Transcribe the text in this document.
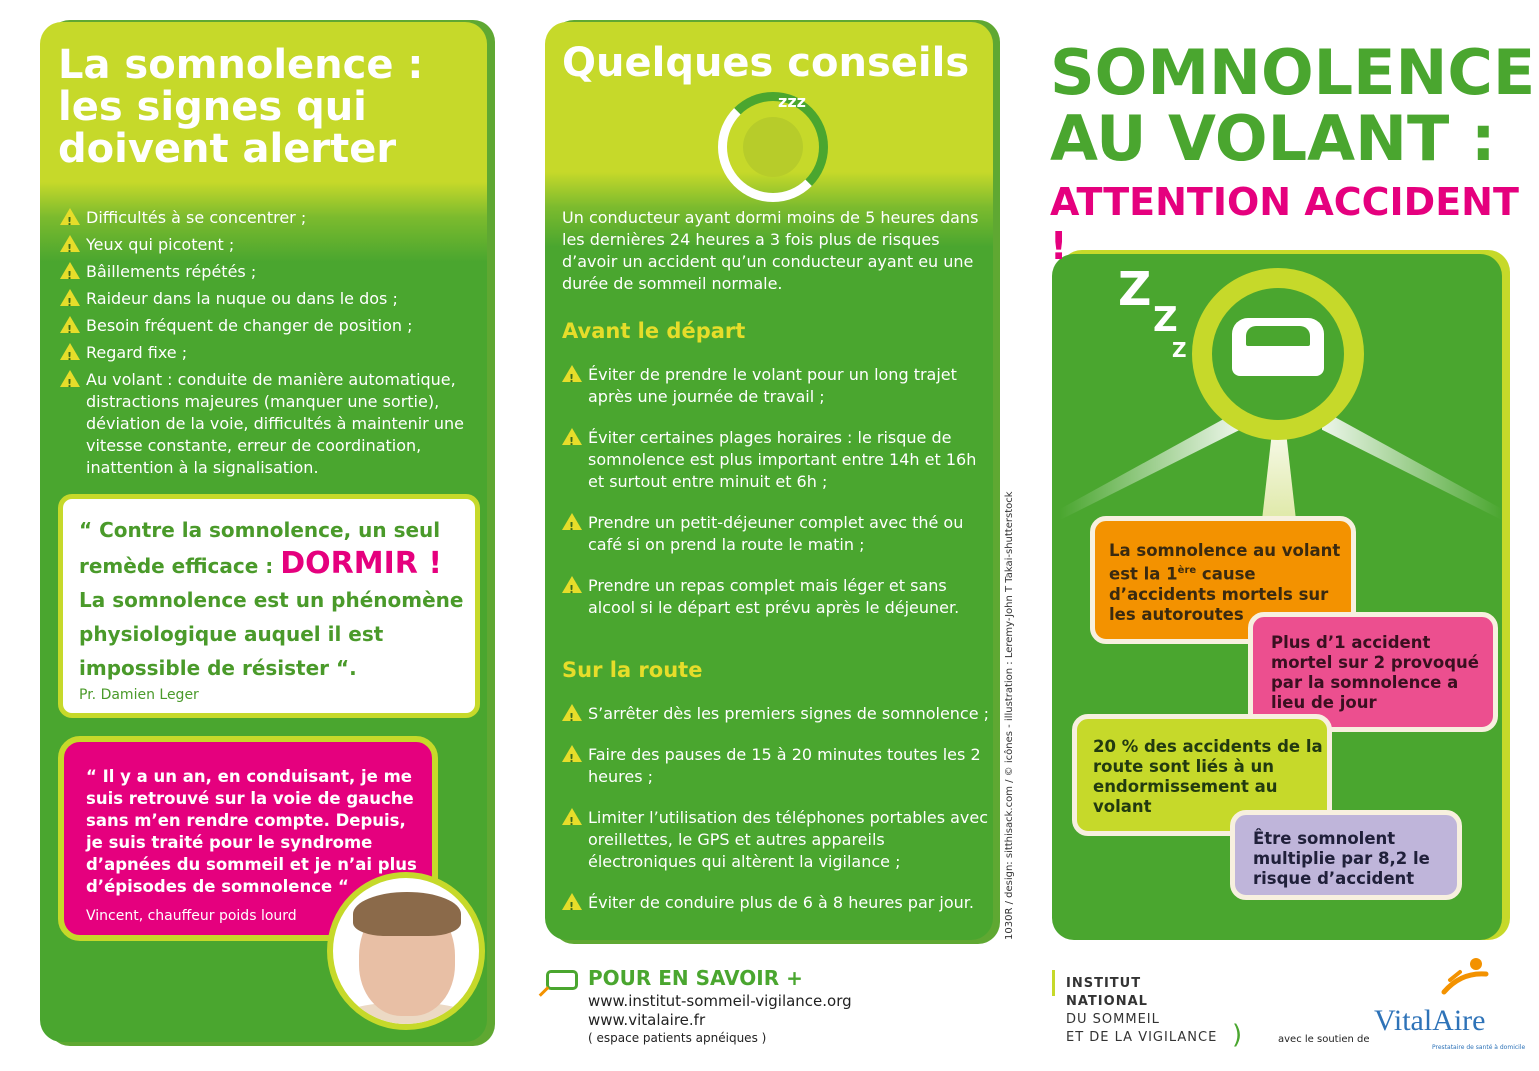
La somnolence :
les signes qui
doivent alerter
!
Difficultés à se concentrer ;
!
Yeux qui picotent ;
!
Bâillements répétés ;
!
Raideur dans la nuque ou dans le dos ;
!
Besoin fréquent de changer de position ;
!
Regard fixe ;
!
Au volant : conduite de manière automatique, distractions majeures (manquer une sortie), déviation de la voie, difficultés à maintenir une vitesse constante, erreur de coordination, inattention à la signalisation.

“ Contre la somnolence, un seul remède efficace : DORMIR ! La somnolence est un phénomène physiologique auquel il est impossible de résister “.

Pr. Damien Leger

“ Il y a un an, en conduisant, je me suis retrouvé sur la voie de gauche sans m’en rendre compte. Depuis, je suis traité pour le syndrome d’apnées du sommeil et je n’ai plus d’épisodes de somnolence “

Vincent, chauffeur poids lourd

Quelques conseils
zzz

Un conducteur ayant dormi moins de 5 heures dans les dernières 24 heures a 3 fois plus de risques d’avoir un accident qu’un conducteur ayant eu une durée de sommeil normale.

Avant le départ
!
Éviter de prendre le volant pour un long trajet après une journée de travail ;
!
Éviter certaines plages horaires : le risque de somnolence est plus important entre 14h et 16h et surtout entre minuit et 6h ;
!
Prendre un petit-déjeuner complet avec thé ou café si on prend la route le matin ;
!
Prendre un repas complet mais léger et sans alcool si le départ est prévu après le déjeuner.
Sur la route
!
S’arrêter dès les premiers signes de somnolence ;
!
Faire des pauses de 15 à 20 minutes toutes les 2 heures ;
!
Limiter l’utilisation des téléphones portables avec oreillettes, le GPS et autres appareils électroniques qui altèrent la vigilance ;
!
Éviter de conduire plus de 6 à 8 heures par jour.	1030R / design: sitthisack.com / © icônes - illustration : Leremy-John T Takai-shutterstock

POUR EN SAVOIR +

www.institut-sommeil-vigilance.org

www.vitalaire.fr

( espace patients apnéiques )

SOMNOLENCE
AU VOLANT :
ATTENTION ACCIDENT !
Z
Z
Z

La somnolence au volant est la 1ère cause d’accidents mortels sur les autoroutes

Plus d’1 accident mortel sur 2 provoqué par la somnolence a lieu de jour

20 % des accidents de la route sont liés à un endormissement au volant

Être somnolent multiplie par 8,2 le risque d’accident

INSTITUT

NATIONAL

DU SOMMEIL

ET DE LA VIGILANCE )	avec le soutien de

VitalAire

Prestataire de santé à domicile
